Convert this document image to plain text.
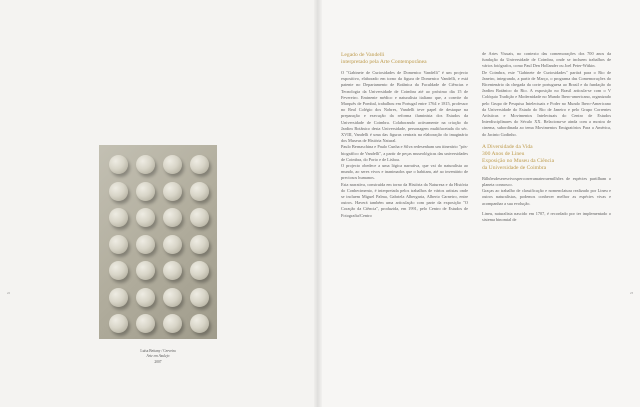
22
Luísa Bettany / Cerveira
Arte em Azulejo
2007
23
Legado de Vandelli
interpretado pela Arte Contemporânea

O "Gabinete de Curiosidades de Domenico Vandelli" é um projecto expositivo, elaborado em torno da figura de Domenico Vandelli, e está patente no Departamento de Botânica da Faculdade de Ciências e Tecnologia da Universidade de Coimbra até ao próximo dia 15 de Fevereiro. Eminente médico e naturalista italiano que, a convite do Marquês de Pombal, trabalhou em Portugal entre 1764 e 1815, professor no Real Colégio dos Nobres, Vandelli teve papel de destaque na preparação e execução da reforma iluminista dos Estudos da Universidade de Coimbra. Colaborando activamente na criação do Jardim Botânico desta Universidade, personagem multifacetada do séc. XVIII, Vandelli é uma das figuras centrais na elaboração do imaginário dos Museus de História Natural.

Paulo Bernaschina e Paulo Cunha e Silva redesenham um itinerário "pós-biográfico de Vandelli", a partir de peças museológicas das universidades de Coimbra, do Porto e de Lisboa.

O projecto obedece a uma lógica narrativa, que vai do naturalista ao mundo, ao seres vivos e inanimados que o habitam, até ao inventário de preciosos humanos.

Esta narrativa, construída em torno da História da Natureza e da História do Conhecimento, é interpretada pelos trabalhos de vários artistas onde se incluem Miguel Palma, Gabriela Albergaria, Alberto Carneiro, entre outros. Haverá também uma articulação com parte da exposição "O Coração da Ciência", produzida, em 1991, pelo Centro de Estudos de Fotografia/Centro

de Artes Visuais, no contexto das comemorações dos 700 anos da fundação da Universidade de Coimbra, onde se incluem trabalhos de vários fotógrafos, como Paul Den Hollander ou Joel Peter-Witkin.

De Coimbra, este "Gabinete de Curiosidades" partirá para o Rio de Janeiro, integrando, a partir de Março, o programa das Comemorações do Bicentenário da chegada da corte portuguesa ao Brasil e da fundação do Jardim Botânico do Rio. A exposição no Brasil articula-se com o V Colóquio Tradição e Modernidade no Mundo Ibero-americano, organizado pelo Grupo de Pesquisa Intelectuais e Poder no Mundo Ibero-Americano da Universidade do Estado do Rio de Janeiro e pelo Grupo Correntes Artísticas e Movimentos Intelectuais do Centro de Estudos Interdisciplinares do Século XX. Relaciona-se ainda com a mostra de cinema, subordinada ao tema Movimentos Emigratórios Para a América, do Jacinto Godinho.

A Diversidade da Vida
300 Anos de Lineu
Exposição no Museu da Ciência
da Universidade de Coimbra

Bilhõesdeseresvivospercorreramaterraemilhões de espécies partilham o planeta connosco.

Graças ao trabalho de classificação e nomenclatura realizado por Lineu e outros naturalistas, podemos conhecer melhor as espécies vivas e acompanhar a sua evolução.

Lineu, naturalista nascido em 1707, é recordado por ter implementado o sistema binomial de
